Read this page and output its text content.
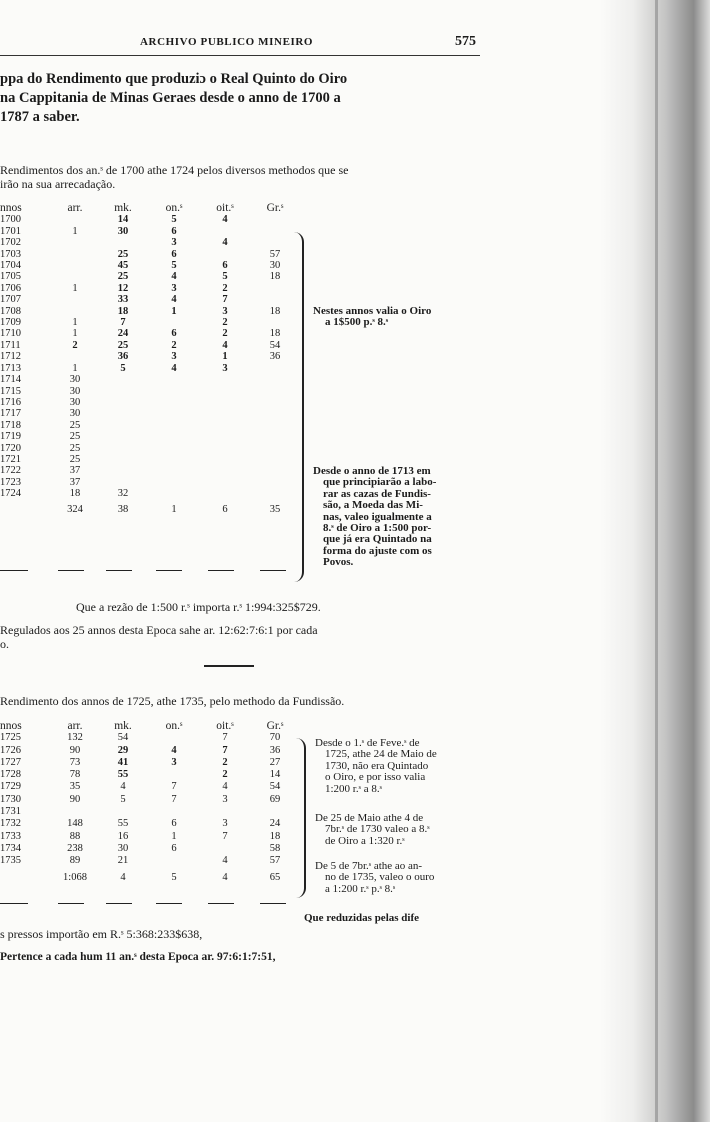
ARCHIVO PUBLICO MINEIRO	575
ppa do Rendimento que produziɔ o Real Quinto do Oiro
na Cappitania de Minas Geraes desde o anno de 1700 a
1787 a saber.
Rendimentos dos an.ˢ de 1700 athe 1724 pelos diversos methodos que se
irão na sua arrecadação.
nnos	arr.	mk.	on.ˢ	oit.ˢ	Gr.ˢ
1700		14	5	4	
1701	1	30	6		
1702			3	4	
1703		25	6		57
1704		45	5	6	30
1705		25	4	5	18
1706	1	12	3	2	
1707		33	4	7	
1708		18	1	3	18
1709	1	7		2	
1710	1	24	6	2	18
1711	2	25	2	4	54
1712		36	3	1	36
1713	1	5	4	3	
1714	30				
1715	30				
1716	30				
1717	30				
1718	25				
1719	25				
1720	25				
1721	25				
1722	37				
1723	37				
1724	18	32			
	324	38	1	6	35
Nestes annos valia o Oiro
a 1$500 p.ˢ 8.ˢ
Desde o anno de 1713 em
que principiarão a labo-
rar as cazas de Fundis-
são, a Moeda das Mi-
nas, valeo igualmente a
8.ˢ de Oiro a 1:500 por-
que já era Quintado na
forma do ajuste com os
Povos.
Que a rezão de 1:500 r.ˢ importa r.ˢ 1:994:325$729.
Regulados aos 25 annos desta Epoca sahe ar. 12:62:7:6:1 por cada
o.
Rendimento dos annos de 1725, athe 1735, pelo methodo da Fundissão.
nnos	arr.	mk.	on.ˢ	oit.ˢ	Gr.ˢ
1725	132	54		7	70
1726	90	29	4	7	36
1727	73	41	3	2	27
1728	78	55		2	14
1729	35	4	7	4	54
1730	90	5	7	3	69
1731					
1732	148	55	6	3	24
1733	88	16	1	7	18
1734	238	30	6		58
1735	89	21		4	57
	1:068	4	5	4	65
Desde o 1.ˢ de Feve.ˢ de
1725, athe 24 de Maio de
1730, não era Quintado
o Oiro, e por isso valia
1:200 r.ˢ a 8.ˢ
De 25 de Maio athe 4 de
7br.ˢ de 1730 valeo a 8.ˢ
de Oiro a 1:320 r.ˢ
De 5 de 7br.ˢ athe ao an-
no de 1735, valeo o ouro
a 1:200 r.ˢ p.ˢ 8.ˢ
Que reduzidas pelas dife
s pressos importão em R.ˢ 5:368:233$638,
Pertence a cada hum 11 an.ˢ desta Epoca ar. 97:6:1:7:51,
